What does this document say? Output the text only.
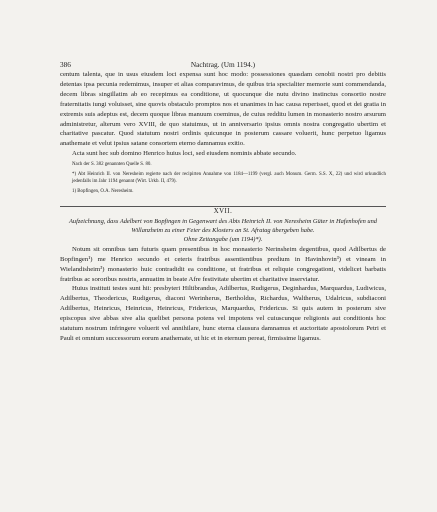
386	Nachtrag. (Um 1194.)

centum talenta, que in usus eiusdem loci expensa sunt hoc modo: possessiones quasdam cenobii nostri pro debitis detentas ipsa pecunia redemimus, insuper et alias comparavimus, de quibus tria specialiter memorie sunt commendanda, decem libras singillatim ab eo recepimus ea conditione, ut quocunque die nutu divino instinctus consortio nostre fraternitatis iungi voluisset, sine quovis obstaculo promptos nos et unanimes in hac causa reperisset, quod et dei gratia in extremis suis adeptus est, decem quoque libras manuum coeminus, de cuius redditu lumen in monasterio nostro arsurum administretur, alterum vero XVIII, de quo statuimus, ut in anniversario ipsius omnis nostra congregatio ubertim et charitative pascatur. Quod statutum nostri ordinis quicunque in posterum cassare voluerit, hunc perpetuo ligamus anathemate et velut ipsius satane consortem eterno damnamus exitio.

Acta sunt hec sub domino Henrico huius loci, sed eiusdem nominis abbate secundo.

Nach der S. 382 genannten Quelle S. 80.

*) Abt Heinrich II. von Neresheim regierte nach der recipirten Annahme von 1184—1199 (vergl. auch Monum. Germ. S.S. X, 22) und wird urkundlich jedenfalls im Jahr 1194 genannt (Wirt. Urkb. II, 479).

1) Bopfingen, O.A. Neresheim.

XVII.

Aufzeichnung, dass Adelbert von Bopfingen in Gegenwart des Abts Heinrich II. von Neresheim Güter in Hafenhofen und Willanzheim zu einer Feier des Klosters an St. Afratag übergeben habe.

Ohne Zeitangabe (um 1194)*).

Notum sit omnibus tam futuris quam presentibus in hoc monasterio Nerinsheim degentibus, quod Adilbertus de Bopfingen¹) me Henrico secundo et ceteris fratribus assentientibus predium in Havinhovin³) et vineam in Wielandisheim³) monasterio huic contradidit ea conditione, ut fratribus et reliquie congregationi, videlicet barbatis fratribus ac sororibus nostris, annuatim in beate Afre festivitate ubertim et charitative inserviatur.

Huius instituti testes sunt hii: presbyteri Hiltibrandus, Adilbertus, Rudigerus, Deginhardus, Marquardus, Ludiwicus, Adilbertus, Theodericus, Rudigerus, diaconi Werinherus, Bertholdus, Richardus, Waltherus, Udalricus, subdiaconi Adilbertus, Heinricus, Heinricus, Heinricus, Fridericus, Marquardus, Fridericus. Si quis autem in posterum sive episcopus sive abbas sive alia quelibet persona potens vel impotens vel cuiuscunque religionis aut conditionis hoc statutum nostrum infringere voluerit vel annihilare, hunc eterna clausura damnamus et auctoritate apostolorum Petri et Pauli et omnium successorum eorum anathemate, ut hic et in eternum pereat, firmissime ligamus.
